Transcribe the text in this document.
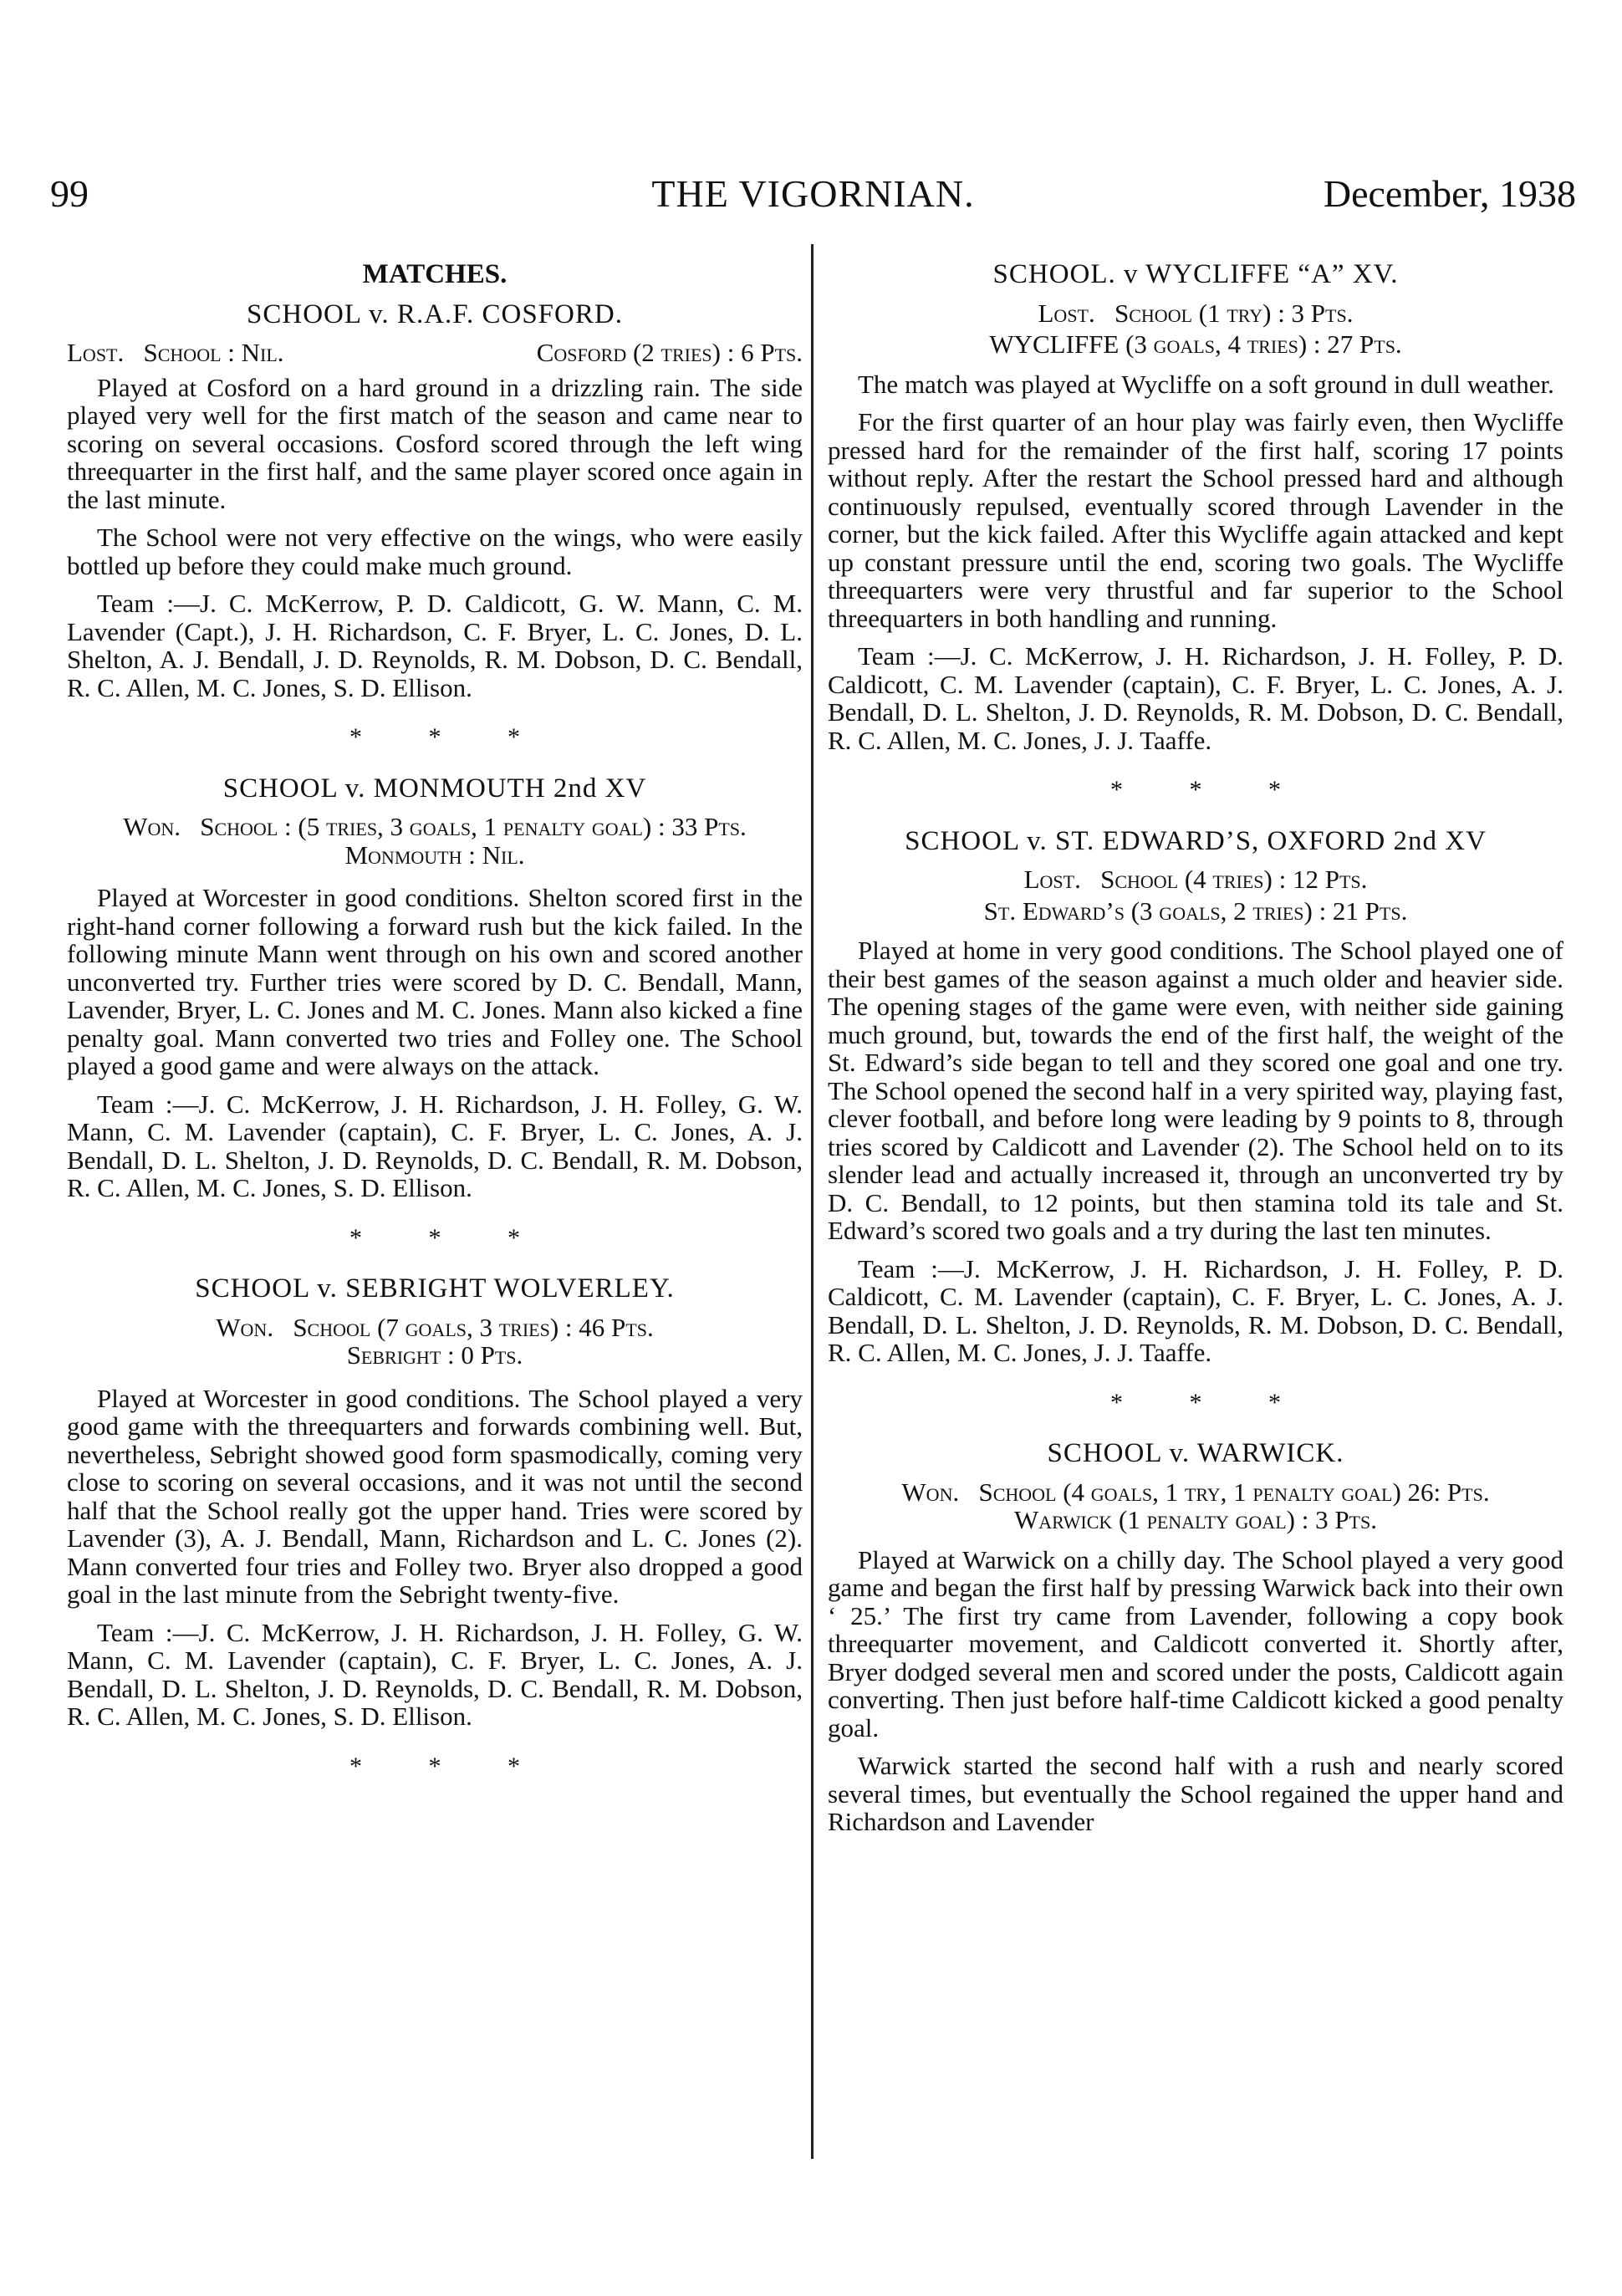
99	THE VIGORNIAN.	December, 1938
MATCHES.
SCHOOL v. R.A.F. COSFORD.
Lost.   School : Nil.	Cosford (2 tries) : 6 Pts.

Played at Cosford on a hard ground in a drizzling rain. The side played very well for the first match of the season and came near to scoring on several occasions. Cosford scored through the left wing threequarter in the first half, and the same player scored once again in the last minute.

The School were not very effective on the wings, who were easily bottled up before they could make much ground.

Team :—J. C. McKerrow, P. D. Caldicott, G. W. Mann, C. M. Lavender (Capt.), J. H. Richardson, C. F. Bryer, L. C. Jones, D. L. Shelton, A. J. Bendall, J. D. Reynolds, R. M. Dobson, D. C. Bendall, R. C. Allen, M. C. Jones, S. D. Ellison.

* * *
SCHOOL v. MONMOUTH 2nd XV
Won.   School : (5 tries, 3 goals, 1 penalty goal) : 33 Pts.
Monmouth : Nil.

Played at Worcester in good conditions. Shelton scored first in the right-hand corner following a forward rush but the kick failed. In the following minute Mann went through on his own and scored another unconverted try. Further tries were scored by D. C. Bendall, Mann, Lavender, Bryer, L. C. Jones and M. C. Jones. Mann also kicked a fine penalty goal. Mann converted two tries and Folley one. The School played a good game and were always on the attack.

Team :—J. C. McKerrow, J. H. Richardson, J. H. Folley, G. W. Mann, C. M. Lavender (captain), C. F. Bryer, L. C. Jones, A. J. Bendall, D. L. Shelton, J. D. Reynolds, D. C. Bendall, R. M. Dobson, R. C. Allen, M. C. Jones, S. D. Ellison.

* * *
SCHOOL v. SEBRIGHT WOLVERLEY.
Won.   School (7 goals, 3 tries) : 46 Pts.
Sebright : 0 Pts.

Played at Worcester in good conditions. The School played a very good game with the threequarters and forwards combining well. But, nevertheless, Sebright showed good form spasmodically, coming very close to scoring on several occasions, and it was not until the second half that the School really got the upper hand. Tries were scored by Lavender (3), A. J. Bendall, Mann, Richardson and L. C. Jones (2). Mann converted four tries and Folley two. Bryer also dropped a good goal in the last minute from the Sebright twenty-five.

Team :—J. C. McKerrow, J. H. Richardson, J. H. Folley, G. W. Mann, C. M. Lavender (captain), C. F. Bryer, L. C. Jones, A. J. Bendall, D. L. Shelton, J. D. Reynolds, D. C. Bendall, R. M. Dobson, R. C. Allen, M. C. Jones, S. D. Ellison.

* * *
SCHOOL. v WYCLIFFE “A” XV.
Lost.   School (1 try) : 3 Pts.
WYCLIFFE (3 goals, 4 tries) : 27 Pts.

The match was played at Wycliffe on a soft ground in dull weather.

For the first quarter of an hour play was fairly even, then Wycliffe pressed hard for the remainder of the first half, scoring 17 points without reply. After the restart the School pressed hard and although continuously repulsed, eventually scored through Lavender in the corner, but the kick failed. After this Wycliffe again attacked and kept up constant pressure until the end, scoring two goals. The Wycliffe threequarters were very thrustful and far superior to the School threequarters in both handling and running.

Team :—J. C. McKerrow, J. H. Richardson, J. H. Folley, P. D. Caldicott, C. M. Lavender (captain), C. F. Bryer, L. C. Jones, A. J. Bendall, D. L. Shelton, J. D. Reynolds, R. M. Dobson, D. C. Bendall, R. C. Allen, M. C. Jones, J. J. Taaffe.

* * *
SCHOOL v. ST. EDWARD’S, OXFORD 2nd XV
Lost.   School (4 tries) : 12 Pts.
St. Edward’s (3 goals, 2 tries) : 21 Pts.

Played at home in very good conditions. The School played one of their best games of the season against a much older and heavier side. The opening stages of the game were even, with neither side gaining much ground, but, towards the end of the first half, the weight of the St. Edward’s side began to tell and they scored one goal and one try. The School opened the second half in a very spirited way, playing fast, clever football, and before long were leading by 9 points to 8, through tries scored by Caldicott and Lavender (2). The School held on to its slender lead and actually increased it, through an unconverted try by D. C. Bendall, to 12 points, but then stamina told its tale and St. Edward’s scored two goals and a try during the last ten minutes.

Team :—J. McKerrow, J. H. Richardson, J. H. Folley, P. D. Caldicott, C. M. Lavender (captain), C. F. Bryer, L. C. Jones, A. J. Bendall, D. L. Shelton, J. D. Reynolds, R. M. Dobson, D. C. Bendall, R. C. Allen, M. C. Jones, J. J. Taaffe.

* * *
SCHOOL v. WARWICK.
Won.   School (4 goals, 1 try, 1 penalty goal) 26: Pts.
Warwick (1 penalty goal) : 3 Pts.

Played at Warwick on a chilly day. The School played a very good game and began the first half by pressing Warwick back into their own ‘ 25.’ The first try came from Lavender, following a copy book threequarter movement, and Caldicott converted it. Shortly after, Bryer dodged several men and scored under the posts, Caldicott again converting. Then just before half-time Caldicott kicked a good penalty goal.

Warwick started the second half with a rush and nearly scored several times, but eventually the School regained the upper hand and Richardson and Lavender
